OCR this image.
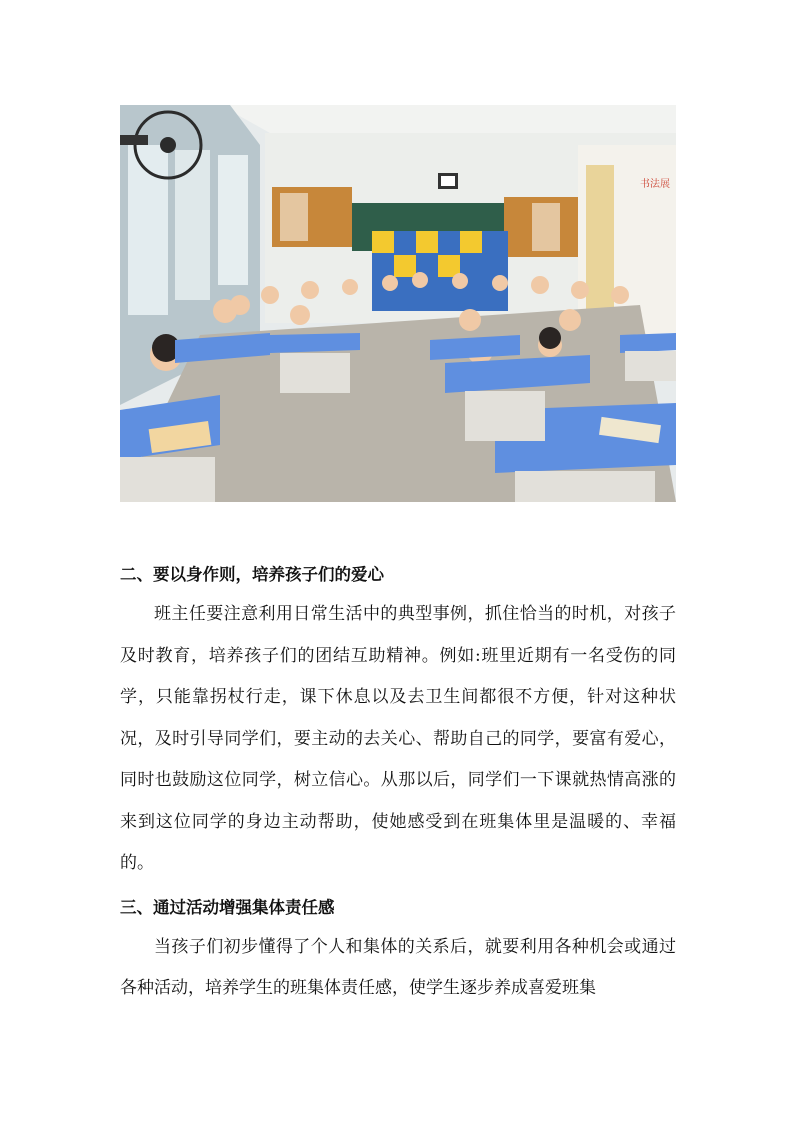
书法展
二、要以身作则，培养孩子们的爱心

班主任要注意利用日常生活中的典型事例，抓住恰当的时机，对孩子及时教育，培养孩子们的团结互助精神。例如:班里近期有一名受伤的同学，只能靠拐杖行走，课下休息以及去卫生间都很不方便，针对这种状况，及时引导同学们，要主动的去关心、帮助自己的同学，要富有爱心，同时也鼓励这位同学，树立信心。从那以后，同学们一下课就热情高涨的来到这位同学的身边主动帮助，使她感受到在班集体里是温暖的、幸福的。

三、通过活动增强集体责任感

当孩子们初步懂得了个人和集体的关系后，就要利用各种机会或通过各种活动，培养学生的班集体责任感，使学生逐步养成喜爱班集
